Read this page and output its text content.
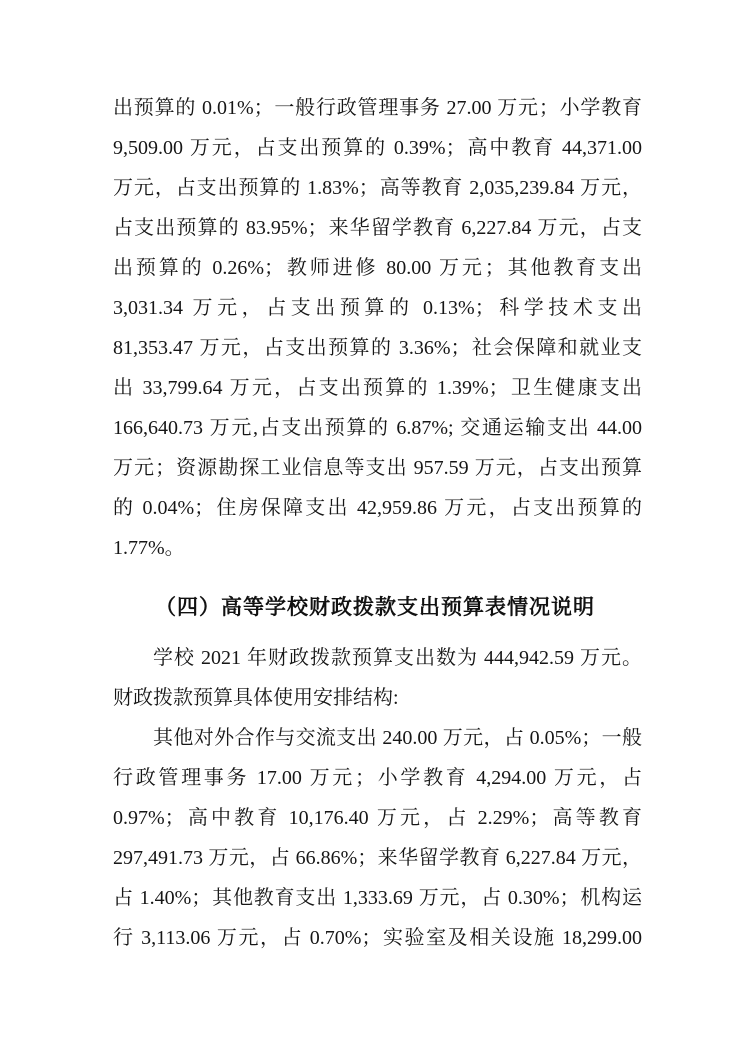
出预算的 0.01%；一般行政管理事务 27.00 万元；小学教育
9,509.00 万元，占支出预算的 0.39%；高中教育 44,371.00
万元，占支出预算的 1.83%；高等教育 2,035,239.84 万元，
占支出预算的 83.95%；来华留学教育 6,227.84 万元，占支
出预算的 0.26%；教师进修 80.00 万元；其他教育支出
3,031.34 万元，占支出预算的 0.13%；科学技术支出
81,353.47 万元，占支出预算的 3.36%；社会保障和就业支
出 33,799.64 万元，占支出预算的 1.39%；卫生健康支出
166,640.73 万元,占支出预算的 6.87%; 交通运输支出 44.00
万元；资源勘探工业信息等支出 957.59 万元，占支出预算
的 0.04%；住房保障支出 42,959.86 万元，占支出预算的
1.77%。
（四）高等学校财政拨款支出预算表情况说明
学校 2021 年财政拨款预算支出数为 444,942.59 万元。
财政拨款预算具体使用安排结构:
其他对外合作与交流支出 240.00 万元，占 0.05%；一般
行政管理事务 17.00 万元；小学教育 4,294.00 万元，占
0.97%；高中教育 10,176.40 万元，占 2.29%；高等教育
297,491.73 万元，占 66.86%；来华留学教育 6,227.84 万元，
占 1.40%；其他教育支出 1,333.69 万元，占 0.30%；机构运
行 3,113.06 万元，占 0.70%；实验室及相关设施 18,299.00
